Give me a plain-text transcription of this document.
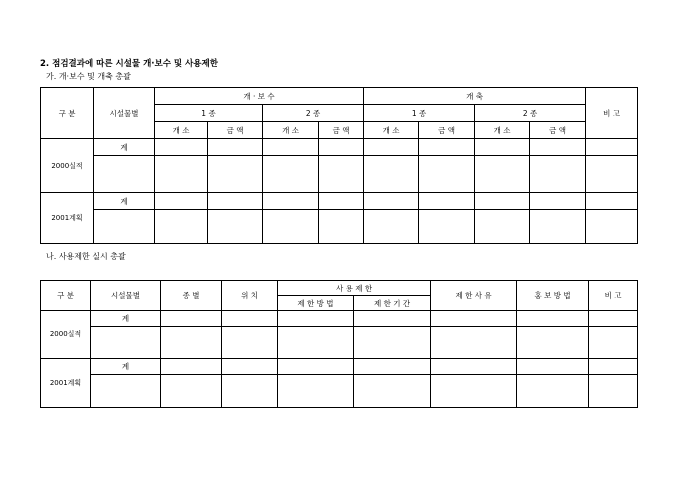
2. 점검결과에 따른 시설물 개·보수 및 사용제한
가. 개·보수 및 개축 총괄
구 분	시설물별	개 · 보 수				개 축				비 고
		1 종		2 종		1 종		2 종		
		개 소	금 액	개 소	금 액	개 소	금 액	개 소	금 액	
2000실적	계									

2001계획	계									

나. 사용제한 실시 총괄
구 분	시설물별	종 별	위 치	사 용 제 한		제 한 사 유	홍 보 방 법	비 고
				제 한 방 법	제 한 기 간			
2000실적	계							

2001계획	계							
